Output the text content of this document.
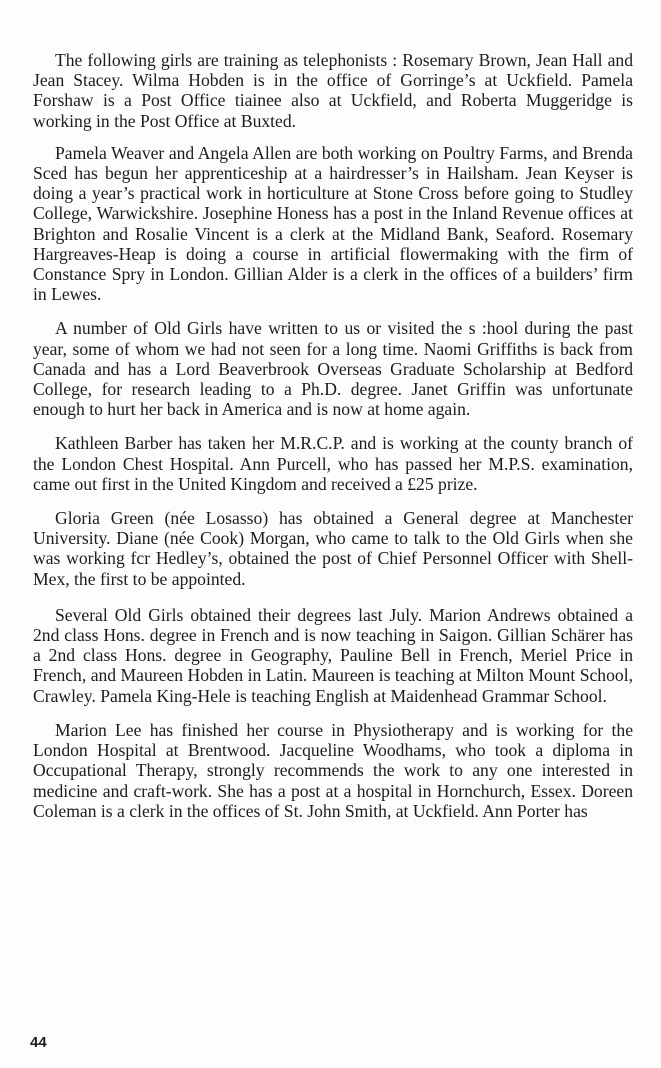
The following girls are training as telephonists : Rosemary Brown, Jean Hall and Jean Stacey. Wilma Hobden is in the office of Gorringe’s at Uckfield. Pamela Forshaw is a Post Office tiainee also at Uckfield, and Roberta Muggeridge is working in the Post Office at Buxted.

Pamela Weaver and Angela Allen are both working on Poultry Farms, and Brenda Sced has begun her apprenticeship at a hairdresser’s in Hailsham. Jean Keyser is doing a year’s practical work in horticulture at Stone Cross before going to Studley College, Warwickshire. Josephine Honess has a post in the Inland Revenue offices at Brighton and Rosalie Vincent is a clerk at the Midland Bank, Seaford. Rosemary Hargreaves-Heap is doing a course in artificial flowermaking with the firm of Constance Spry in London. Gillian Alder is a clerk in the offices of a builders’ firm in Lewes.

A number of Old Girls have written to us or visited the s :hool during the past year, some of whom we had not seen for a long time. Naomi Griffiths is back from Canada and has a Lord Beaverbrook Overseas Graduate Scholarship at Bedford College, for research leading to a Ph.D. degree. Janet Griffin was unfortunate enough to hurt her back in America and is now at home again.

Kathleen Barber has taken her M.R.C.P. and is working at the county branch of the London Chest Hospital. Ann Purcell, who has passed her M.P.S. examination, came out first in the United Kingdom and received a £25 prize.

Gloria Green (née Losasso) has obtained a General degree at Manchester University. Diane (née Cook) Morgan, who came to talk to the Old Girls when she was working fcr Hedley’s, obtained the post of Chief Personnel Officer with Shell-Mex, the first to be appointed.

Several Old Girls obtained their degrees last July. Marion Andrews obtained a 2nd class Hons. degree in French and is now teaching in Saigon. Gillian Schärer has a 2nd class Hons. degree in Geography, Pauline Bell in French, Meriel Price in French, and Maureen Hobden in Latin. Maureen is teaching at Milton Mount School, Crawley. Pamela King-Hele is teaching English at Maidenhead Grammar School.

Marion Lee has finished her course in Physiotherapy and is working for the London Hospital at Brentwood. Jacqueline Woodhams, who took a diploma in Occupational Therapy, strongly recommends the work to any one interested in medicine and craft-work. She has a post at a hospital in Hornchurch, Essex. Doreen Coleman is a clerk in the offices of St. John Smith, at Uckfield. Ann Porter has

44
